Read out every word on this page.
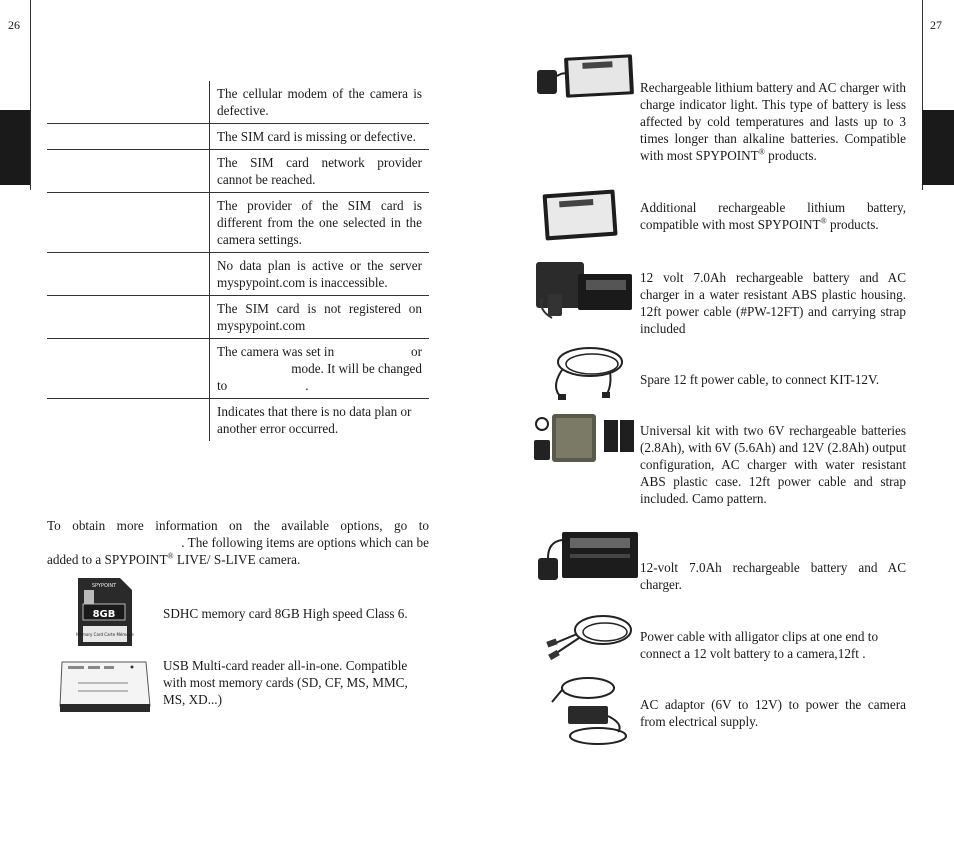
26	27
	The cellular modem of the camera is defective.
	The SIM card is missing or defective.
	The SIM card network provider cannot be reached.
	The provider of the SIM card is different from the one selected in the camera settings.
	No data plan is active or the server myspypoint.com is inaccessible.
	The SIM card is not registered on myspypoint.com

	The camera was set in or
mode. It will be changed
to .

	Indicates that there is no data plan or another error occurred.
To obtain more information on the available options, go to
. The following items are options which can be
added to a SPYPOINT® LIVE/ S-LIVE camera.
SPYPOINT
8GB
Memory Card Carte Mémoire
SDHC memory card 8GB High speed Class 6.
USB Multi-card reader all-in-one. Compatible with most memory cards (SD, CF, MS, MMC, MS, XD...)
Rechargeable lithium battery and AC charger with charge indicator light. This type of battery is less affected by cold temperatures and lasts up to 3 times longer than alkaline batteries. Compatible with most SPYPOINT® products.
Additional rechargeable lithium battery, compatible with most SPYPOINT® products.
12 volt 7.0Ah rechargeable battery and AC charger in a water resistant ABS plastic housing. 12ft power cable (#PW-12FT) and carrying strap included
Spare 12 ft power cable, to connect KIT-12V.
Universal kit with two 6V rechargeable batteries (2.8Ah), with 6V (5.6Ah) and 12V (2.8Ah) output configuration, AC charger with water resistant ABS plastic case. 12ft power cable and strap included. Camo pattern.
12-volt 7.0Ah rechargeable battery and AC charger.
Power cable with alligator clips at one end to connect a 12 volt battery to a camera,12ft .
AC adaptor (6V to 12V) to power the camera from electrical supply.
